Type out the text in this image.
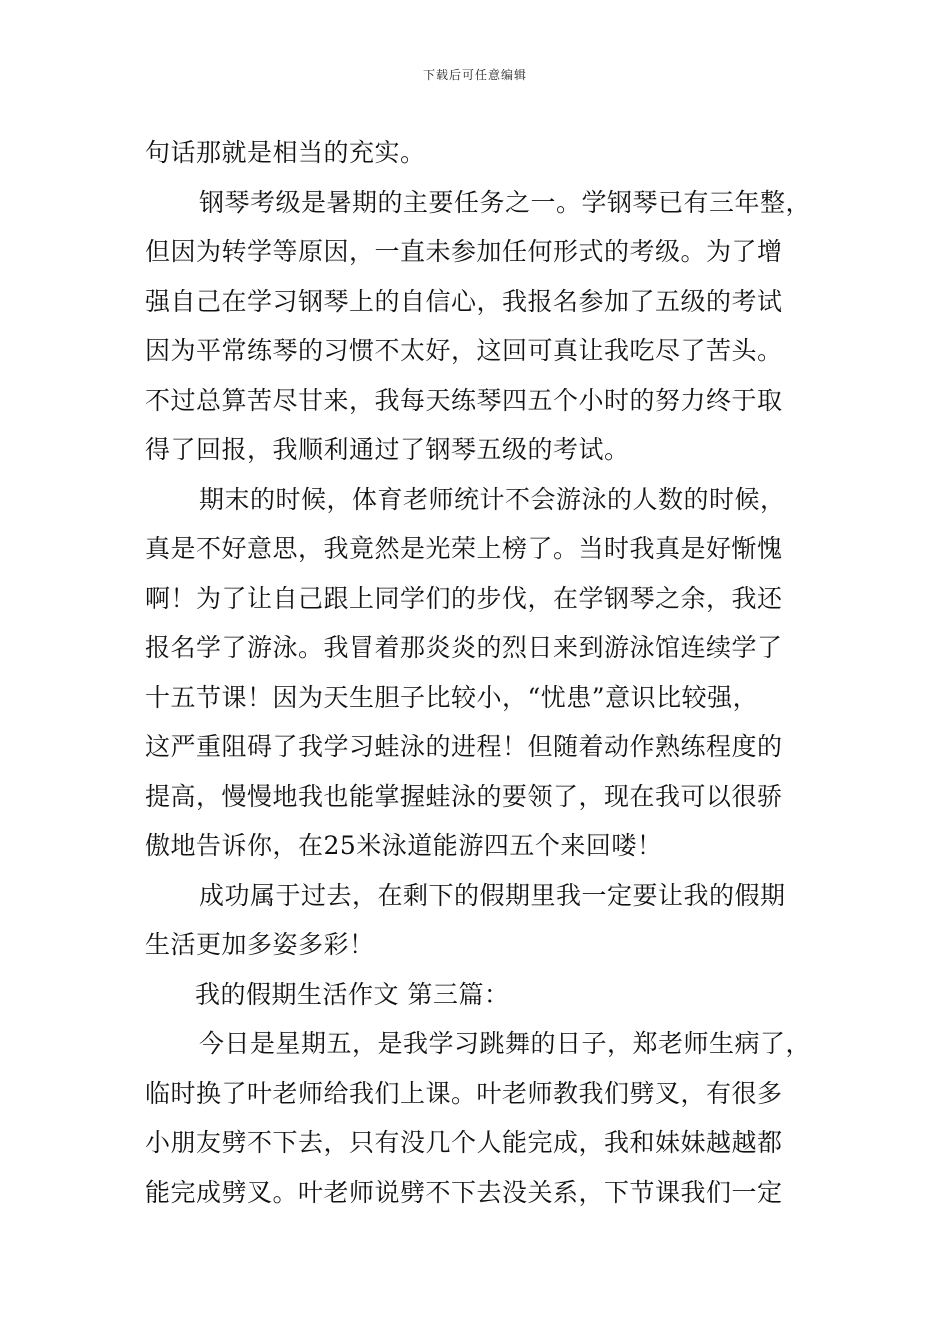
下载后可任意编辑
句话那就是相当的充实。
钢琴考级是暑期的主要任务之一。学钢琴已有三年整，
但因为转学等原因，一直未参加任何形式的考级。为了增
强自己在学习钢琴上的自信心，我报名参加了五级的考试
因为平常练琴的习惯不太好，这回可真让我吃尽了苦头。
不过总算苦尽甘来，我每天练琴四五个小时的努力终于取
得了回报，我顺利通过了钢琴五级的考试。
期末的时候，体育老师统计不会游泳的人数的时候，
真是不好意思，我竟然是光荣上榜了。当时我真是好惭愧
啊！为了让自己跟上同学们的步伐，在学钢琴之余，我还
报名学了游泳。我冒着那炎炎的烈日来到游泳馆连续学了
十五节课！因为天生胆子比较小，“忧患”意识比较强，
这严重阻碍了我学习蛙泳的进程！但随着动作熟练程度的
提高，慢慢地我也能掌握蛙泳的要领了，现在我可以很骄
傲地告诉你，在25米泳道能游四五个来回喽！
成功属于过去，在剩下的假期里我一定要让我的假期
生活更加多姿多彩！
我的假期生活作文 第三篇：
今日是星期五，是我学习跳舞的日子，郑老师生病了，
临时换了叶老师给我们上课。叶老师教我们劈叉，有很多
小朋友劈不下去，只有没几个人能完成，我和妹妹越越都
能完成劈叉。叶老师说劈不下去没关系，下节课我们一定
